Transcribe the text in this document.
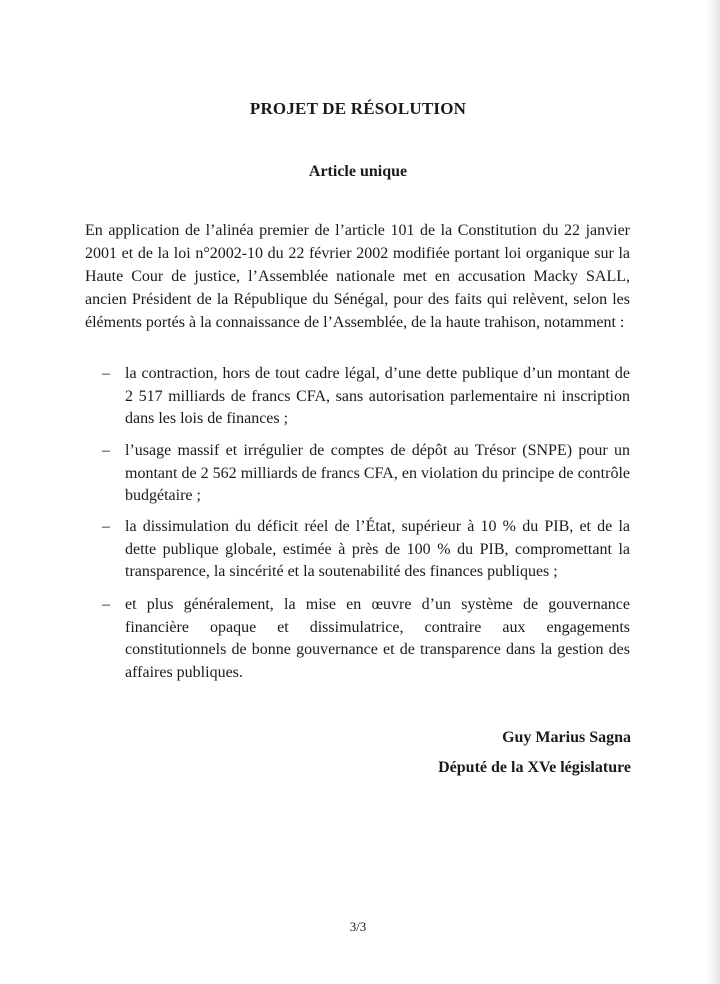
PROJET DE RÉSOLUTION
Article unique

En application de l’alinéa premier de l’article 101 de la Constitution du 22 janvier 2001 et de la loi n°2002-10 du 22 février 2002 modifiée portant loi organique sur la Haute Cour de justice, l’Assemblée nationale met en accusation Macky SALL, ancien Président de la République du Sénégal, pour des faits qui relèvent, selon les éléments portés à la connaissance de l’Assemblée, de la haute trahison, notamment :

– la contraction, hors de tout cadre légal, d’une dette publique d’un montant de 2 517 milliards de francs CFA, sans autorisation parlementaire ni inscription dans les lois de finances ;

– l’usage massif et irrégulier de comptes de dépôt au Trésor (SNPE) pour un montant de 2 562 milliards de francs CFA, en violation du principe de contrôle budgétaire ;

– la dissimulation du déficit réel de l’État, supérieur à 10 % du PIB, et de la dette publique globale, estimée à près de 100 % du PIB, compromettant la transparence, la sincérité et la soutenabilité des finances publiques ;

– et plus généralement, la mise en œuvre d’un système de gouvernance financière opaque et dissimulatrice, contraire aux engagements constitutionnels de bonne gouvernance et de transparence dans la gestion des affaires publiques.

Guy Marius Sagna
Député de la XVe législature
3/3
